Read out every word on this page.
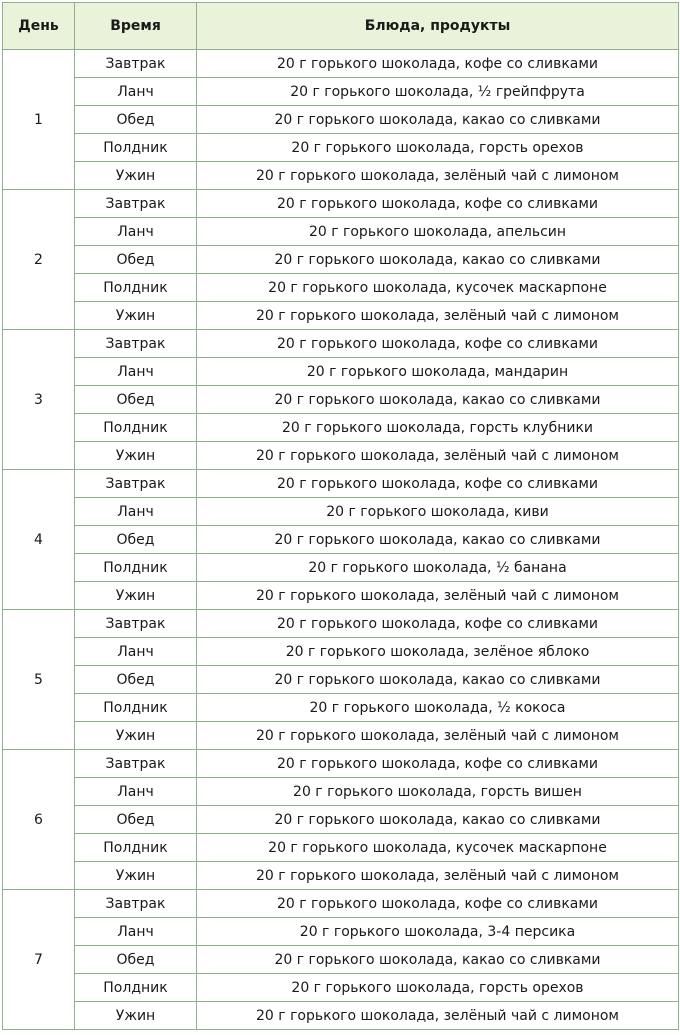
День	Время	Блюда, продукты
1	Завтрак	20 г горького шоколада, кофе со сливками
	Ланч	20 г горького шоколада, ½ грейпфрута
	Обед	20 г горького шоколада, какао со сливками
	Полдник	20 г горького шоколада, горсть орехов
	Ужин	20 г горького шоколада, зелёный чай с лимоном
2	Завтрак	20 г горького шоколада, кофе со сливками
	Ланч	20 г горького шоколада, апельсин
	Обед	20 г горького шоколада, какао со сливками
	Полдник	20 г горького шоколада, кусочек маскарпоне
	Ужин	20 г горького шоколада, зелёный чай с лимоном
3	Завтрак	20 г горького шоколада, кофе со сливками
	Ланч	20 г горького шоколада, мандарин
	Обед	20 г горького шоколада, какао со сливками
	Полдник	20 г горького шоколада, горсть клубники
	Ужин	20 г горького шоколада, зелёный чай с лимоном
4	Завтрак	20 г горького шоколада, кофе со сливками
	Ланч	20 г горького шоколада, киви
	Обед	20 г горького шоколада, какао со сливками
	Полдник	20 г горького шоколада, ½ банана
	Ужин	20 г горького шоколада, зелёный чай с лимоном
5	Завтрак	20 г горького шоколада, кофе со сливками
	Ланч	20 г горького шоколада, зелёное яблоко
	Обед	20 г горького шоколада, какао со сливками
	Полдник	20 г горького шоколада, ½ кокоса
	Ужин	20 г горького шоколада, зелёный чай с лимоном
6	Завтрак	20 г горького шоколада, кофе со сливками
	Ланч	20 г горького шоколада, горсть вишен
	Обед	20 г горького шоколада, какао со сливками
	Полдник	20 г горького шоколада, кусочек маскарпоне
	Ужин	20 г горького шоколада, зелёный чай с лимоном
7	Завтрак	20 г горького шоколада, кофе со сливками
	Ланч	20 г горького шоколада, 3-4 персика
	Обед	20 г горького шоколада, какао со сливками
	Полдник	20 г горького шоколада, горсть орехов
	Ужин	20 г горького шоколада, зелёный чай с лимоном
